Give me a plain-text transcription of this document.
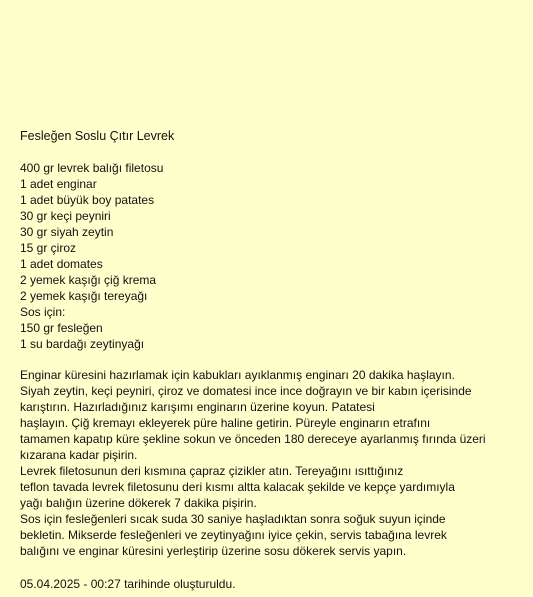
Fesleğen Soslu Çıtır Levrek
400 gr levrek balığı filetosu
1 adet enginar
1 adet büyük boy patates
30 gr keçi peyniri
30 gr siyah zeytin
15 gr çiroz
1 adet domates
2 yemek kaşığı çiğ krema
2 yemek kaşığı tereyağı
Sos için:
150 gr fesleğen
1 su bardağı zeytinyağı
Enginar küresini hazırlamak için kabukları ayıklanmış enginarı 20 dakika haşlayın.
Siyah zeytin, keçi peyniri, çiroz ve domatesi ince ince doğrayın ve bir kabın içerisinde
karıştırın. Hazırladığınız karışımı enginarın üzerine koyun. Patatesi
haşlayın. Çiğ kremayı ekleyerek püre haline getirin. Püreyle enginarın etrafını
tamamen kapatıp küre şekline sokun ve önceden 180 dereceye ayarlanmış fırında üzeri
kızarana kadar pişirin.
Levrek filetosunun deri kısmına çapraz çizikler atın. Tereyağını ısıttığınız
teflon tavada levrek filetosunu deri kısmı altta kalacak şekilde ve kepçe yardımıyla
yağı balığın üzerine dökerek 7 dakika pişirin.
Sos için fesleğenleri sıcak suda 30 saniye haşladıktan sonra soğuk suyun içinde
bekletin. Mikserde fesleğenleri ve zeytinyağını iyice çekin, servis tabağına levrek
balığını ve enginar küresini yerleştirip üzerine sosu dökerek servis yapın.
05.04.2025 - 00:27 tarihinde oluşturuldu.
